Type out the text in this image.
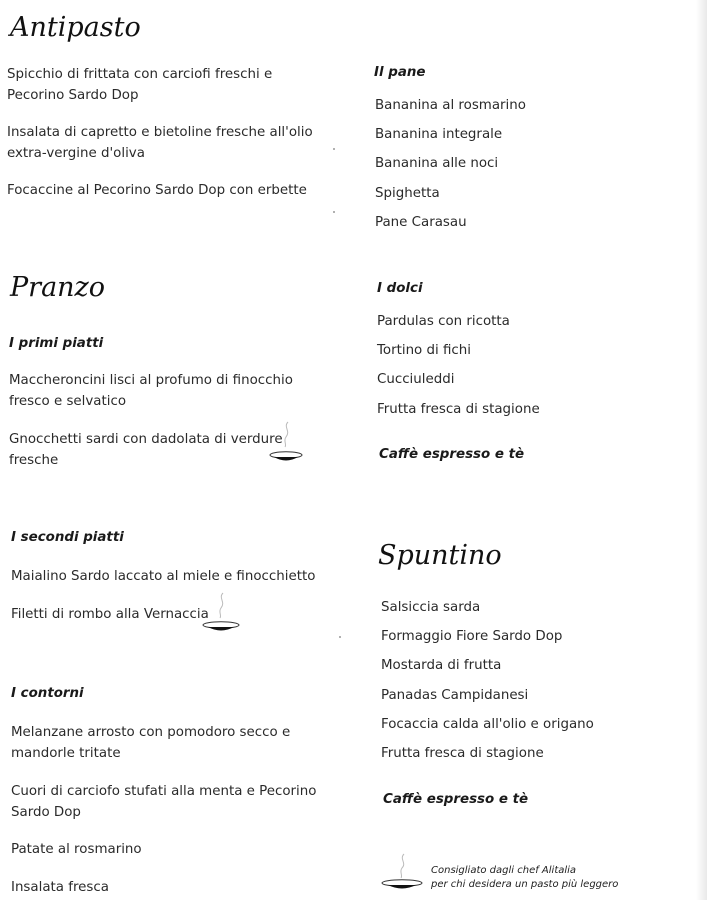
Antipasto
Spicchio di frittata con carciofi freschi e
Pecorino Sardo Dop
Insalata di capretto e bietoline fresche all'olio
extra-vergine d'oliva
Focaccine al Pecorino Sardo Dop con erbette
Pranzo
I primi piatti
Maccheroncini lisci al profumo di finocchio
fresco e selvatico
Gnocchetti sardi con dadolata di verdure
fresche
I secondi piatti
Maialino Sardo laccato al miele e finocchietto
Filetti di rombo alla Vernaccia
I contorni
Melanzane arrosto con pomodoro secco e
mandorle tritate
Cuori di carciofo stufati alla menta e Pecorino
Sardo Dop
Patate al rosmarino
Insalata fresca
Il pane
Bananina al rosmarino
Bananina integrale
Bananina alle noci
Spighetta
Pane Carasau
I dolci
Pardulas con ricotta
Tortino di fichi
Cucciuleddi
Frutta fresca di stagione
Caffè espresso e tè
Spuntino
Salsiccia sarda
Formaggio Fiore Sardo Dop
Mostarda di frutta
Panadas Campidanesi
Focaccia calda all'olio e origano
Frutta fresca di stagione
Caffè espresso e tè
Consigliato dagli chef Alitalia
per chi desidera un pasto più leggero
